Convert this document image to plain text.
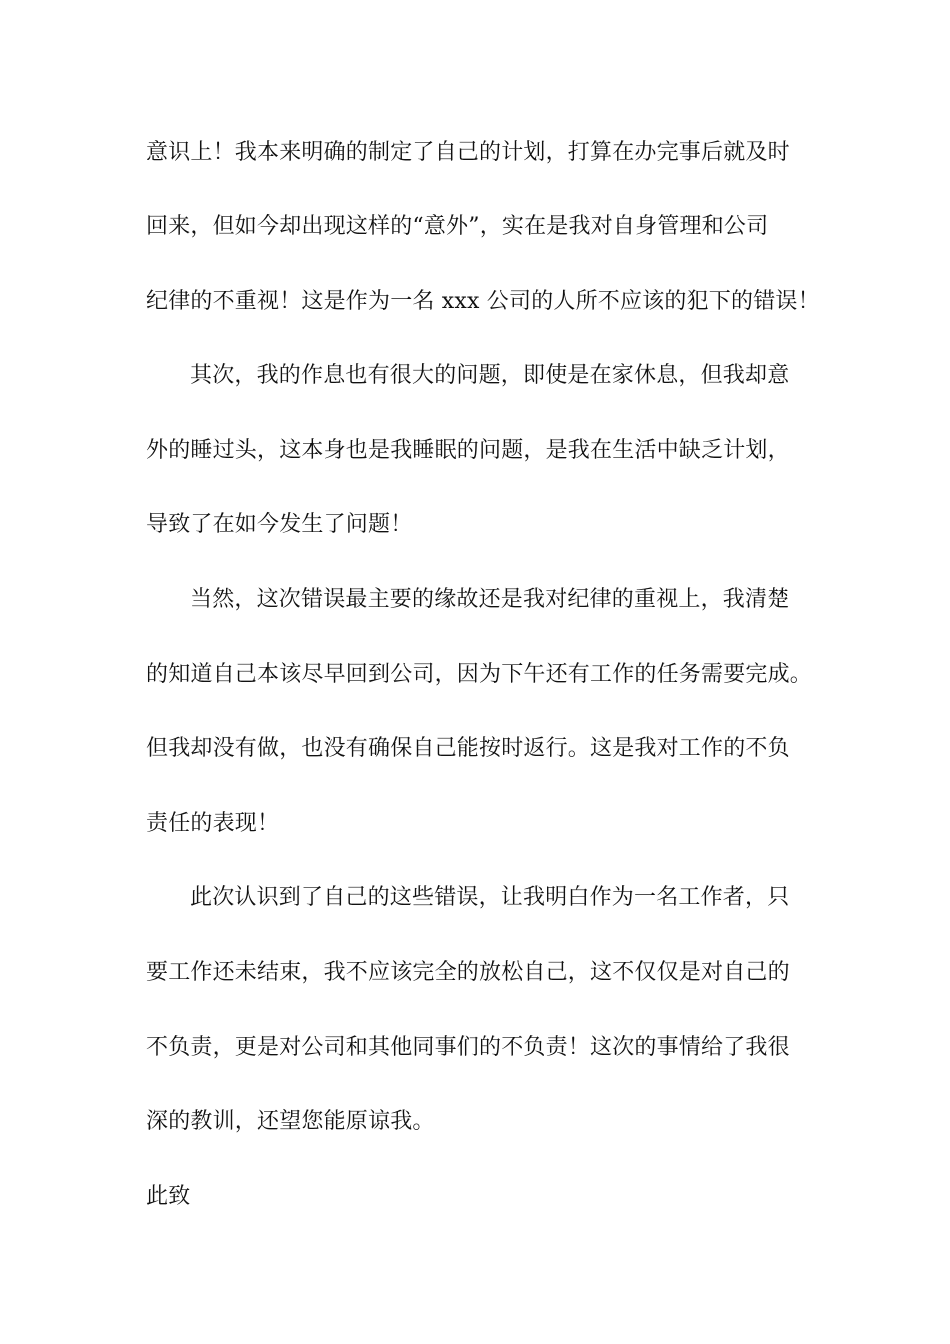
意识上！我本来明确的制定了自己的计划，打算在办完事后就及时
回来，但如今却出现这样的“意外”，实在是我对自身管理和公司
纪律的不重视！这是作为一名 xxx 公司的人所不应该的犯下的错误！
其次，我的作息也有很大的问题，即使是在家休息，但我却意
外的睡过头，这本身也是我睡眠的问题，是我在生活中缺乏计划，
导致了在如今发生了问题！
当然，这次错误最主要的缘故还是我对纪律的重视上，我清楚
的知道自己本该尽早回到公司，因为下午还有工作的任务需要完成。
但我却没有做，也没有确保自己能按时返行。这是我对工作的不负
责任的表现！
此次认识到了自己的这些错误，让我明白作为一名工作者，只
要工作还未结束，我不应该完全的放松自己，这不仅仅是对自己的
不负责，更是对公司和其他同事们的不负责！这次的事情给了我很
深的教训，还望您能原谅我。
此致
